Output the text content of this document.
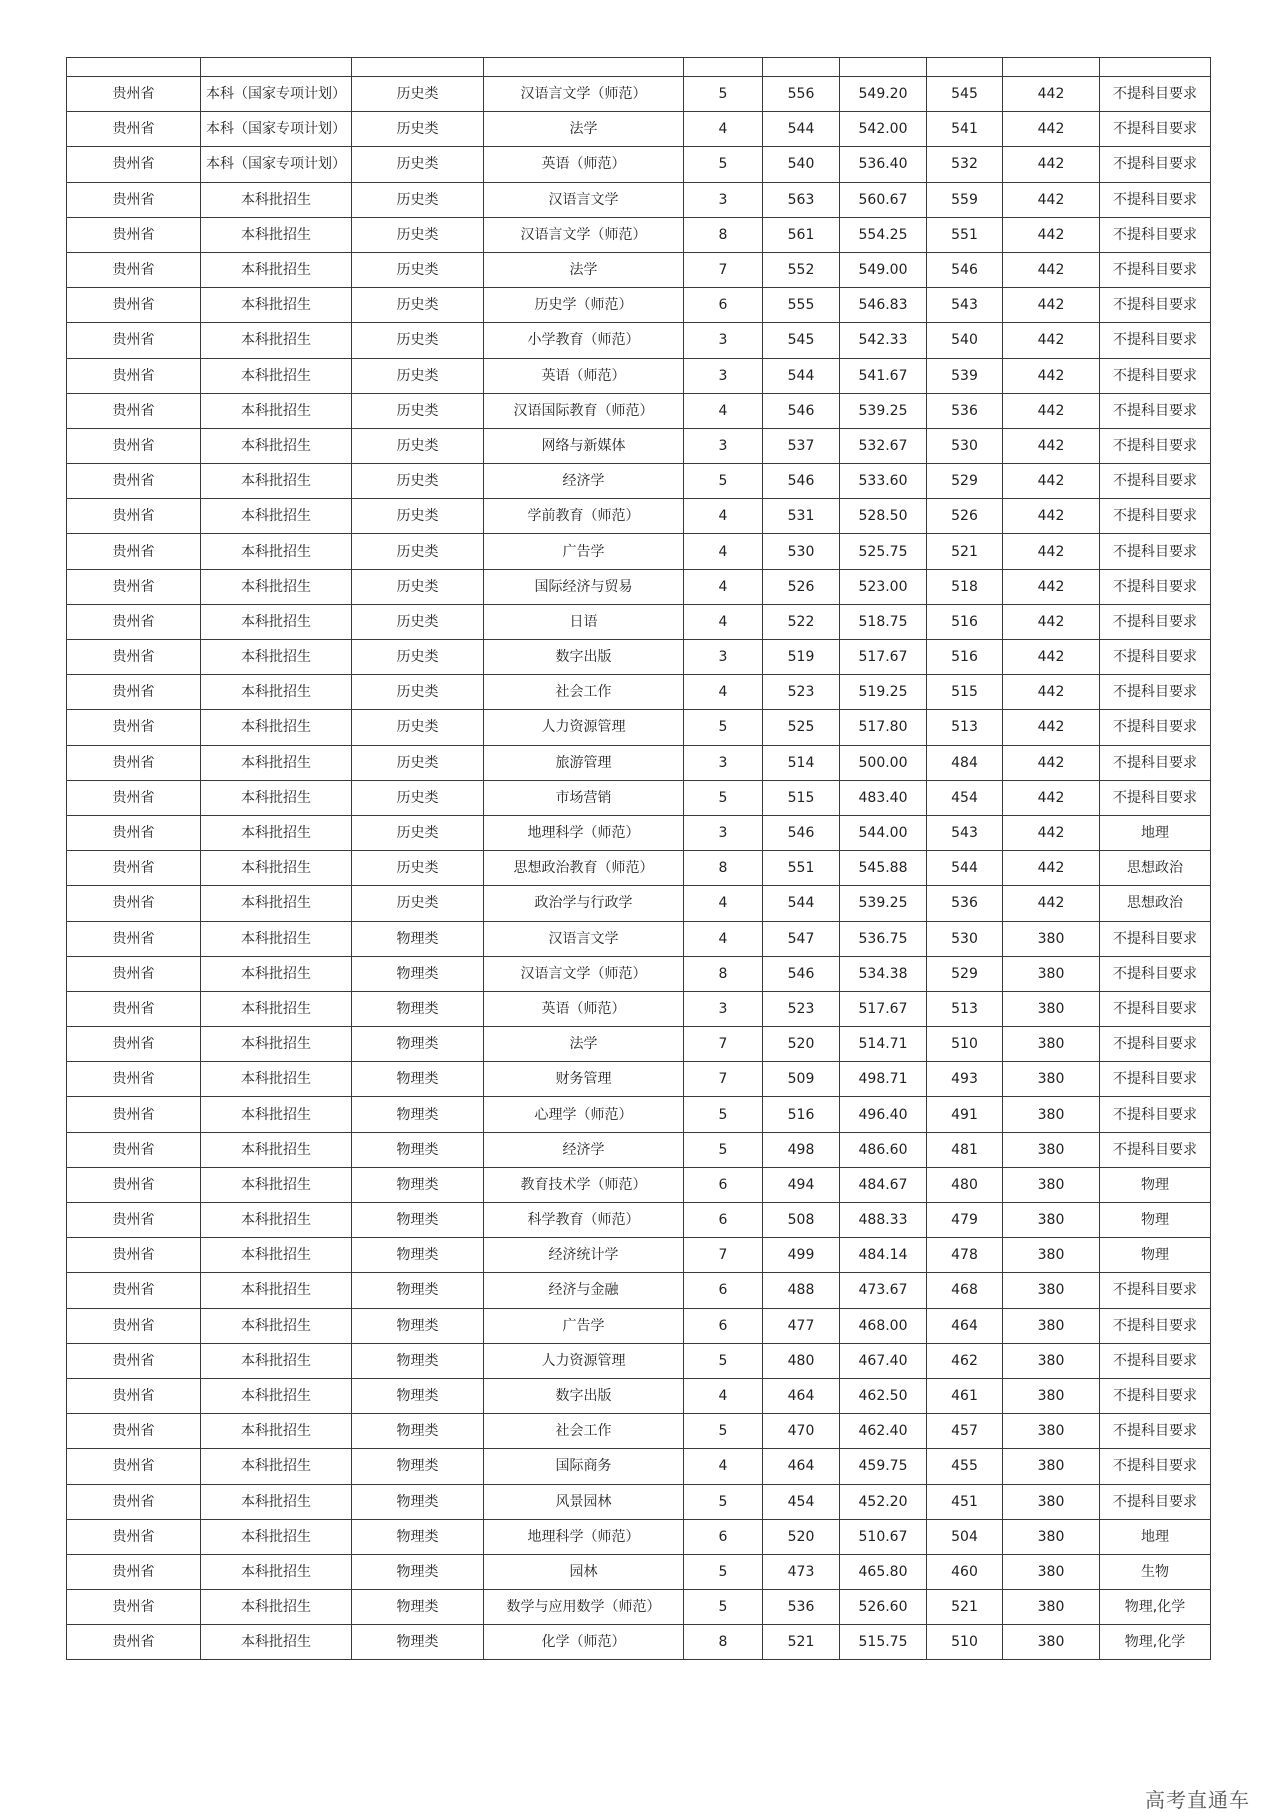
贵州省	本科（国家专项计划）	历史类	汉语言文学（师范）	5	556	549.20	545	442	不提科目要求
贵州省	本科（国家专项计划）	历史类	法学	4	544	542.00	541	442	不提科目要求
贵州省	本科（国家专项计划）	历史类	英语（师范）	5	540	536.40	532	442	不提科目要求
贵州省	本科批招生	历史类	汉语言文学	3	563	560.67	559	442	不提科目要求
贵州省	本科批招生	历史类	汉语言文学（师范）	8	561	554.25	551	442	不提科目要求
贵州省	本科批招生	历史类	法学	7	552	549.00	546	442	不提科目要求
贵州省	本科批招生	历史类	历史学（师范）	6	555	546.83	543	442	不提科目要求
贵州省	本科批招生	历史类	小学教育（师范）	3	545	542.33	540	442	不提科目要求
贵州省	本科批招生	历史类	英语（师范）	3	544	541.67	539	442	不提科目要求
贵州省	本科批招生	历史类	汉语国际教育（师范）	4	546	539.25	536	442	不提科目要求
贵州省	本科批招生	历史类	网络与新媒体	3	537	532.67	530	442	不提科目要求
贵州省	本科批招生	历史类	经济学	5	546	533.60	529	442	不提科目要求
贵州省	本科批招生	历史类	学前教育（师范）	4	531	528.50	526	442	不提科目要求
贵州省	本科批招生	历史类	广告学	4	530	525.75	521	442	不提科目要求
贵州省	本科批招生	历史类	国际经济与贸易	4	526	523.00	518	442	不提科目要求
贵州省	本科批招生	历史类	日语	4	522	518.75	516	442	不提科目要求
贵州省	本科批招生	历史类	数字出版	3	519	517.67	516	442	不提科目要求
贵州省	本科批招生	历史类	社会工作	4	523	519.25	515	442	不提科目要求
贵州省	本科批招生	历史类	人力资源管理	5	525	517.80	513	442	不提科目要求
贵州省	本科批招生	历史类	旅游管理	3	514	500.00	484	442	不提科目要求
贵州省	本科批招生	历史类	市场营销	5	515	483.40	454	442	不提科目要求
贵州省	本科批招生	历史类	地理科学（师范）	3	546	544.00	543	442	地理
贵州省	本科批招生	历史类	思想政治教育（师范）	8	551	545.88	544	442	思想政治
贵州省	本科批招生	历史类	政治学与行政学	4	544	539.25	536	442	思想政治
贵州省	本科批招生	物理类	汉语言文学	4	547	536.75	530	380	不提科目要求
贵州省	本科批招生	物理类	汉语言文学（师范）	8	546	534.38	529	380	不提科目要求
贵州省	本科批招生	物理类	英语（师范）	3	523	517.67	513	380	不提科目要求
贵州省	本科批招生	物理类	法学	7	520	514.71	510	380	不提科目要求
贵州省	本科批招生	物理类	财务管理	7	509	498.71	493	380	不提科目要求
贵州省	本科批招生	物理类	心理学（师范）	5	516	496.40	491	380	不提科目要求
贵州省	本科批招生	物理类	经济学	5	498	486.60	481	380	不提科目要求
贵州省	本科批招生	物理类	教育技术学（师范）	6	494	484.67	480	380	物理
贵州省	本科批招生	物理类	科学教育（师范）	6	508	488.33	479	380	物理
贵州省	本科批招生	物理类	经济统计学	7	499	484.14	478	380	物理
贵州省	本科批招生	物理类	经济与金融	6	488	473.67	468	380	不提科目要求
贵州省	本科批招生	物理类	广告学	6	477	468.00	464	380	不提科目要求
贵州省	本科批招生	物理类	人力资源管理	5	480	467.40	462	380	不提科目要求
贵州省	本科批招生	物理类	数字出版	4	464	462.50	461	380	不提科目要求
贵州省	本科批招生	物理类	社会工作	5	470	462.40	457	380	不提科目要求
贵州省	本科批招生	物理类	国际商务	4	464	459.75	455	380	不提科目要求
贵州省	本科批招生	物理类	风景园林	5	454	452.20	451	380	不提科目要求
贵州省	本科批招生	物理类	地理科学（师范）	6	520	510.67	504	380	地理
贵州省	本科批招生	物理类	园林	5	473	465.80	460	380	生物
贵州省	本科批招生	物理类	数学与应用数学（师范）	5	536	526.60	521	380	物理,化学
贵州省	本科批招生	物理类	化学（师范）	8	521	515.75	510	380	物理,化学
高考直通车
